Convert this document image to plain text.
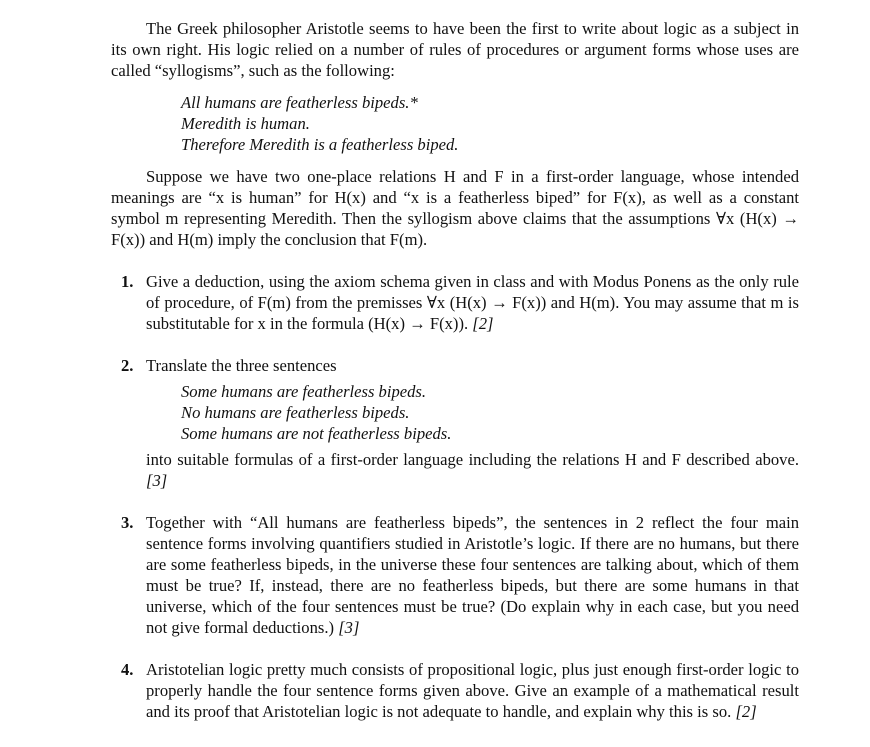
The Greek philosopher Aristotle seems to have been the first to write about logic as a subject in its own right. His logic relied on a number of rules of procedures or argument forms whose uses are called “syllogisms”, such as the following:

All humans are featherless bipeds.*
Meredith is human.
Therefore Meredith is a featherless biped.

Suppose we have two one-place relations H and F in a first-order language, whose intended meanings are “x is human” for H(x) and “x is a featherless biped” for F(x), as well as a constant symbol m representing Meredith. Then the syllogism above claims that the assumptions ∀x (H(x) → F(x)) and H(m) imply the conclusion that F(m).

1. Give a deduction, using the axiom schema given in class and with Modus Ponens as the only rule of procedure, of F(m) from the premisses ∀x (H(x) → F(x)) and H(m). You may assume that m is substitutable for x in the formula (H(x) → F(x)). [2]
2. Translate the three sentences
Some humans are featherless bipeds.
No humans are featherless bipeds.
Some humans are not featherless bipeds.
into suitable formulas of a first-order language including the relations H and F described above. [3]
3. Together with “All humans are featherless bipeds”, the sentences in 2 reflect the four main sentence forms involving quantifiers studied in Aristotle’s logic. If there are no humans, but there are some featherless bipeds, in the universe these four sentences are talking about, which of them must be true? If, instead, there are no featherless bipeds, but there are some humans in that universe, which of the four sentences must be true? (Do explain why in each case, but you need not give formal deductions.) [3]
4. Aristotelian logic pretty much consists of propositional logic, plus just enough first-order logic to properly handle the four sentence forms given above. Give an example of a mathematical result and its proof that Aristotelian logic is not adequate to handle, and explain why this is so. [2]
